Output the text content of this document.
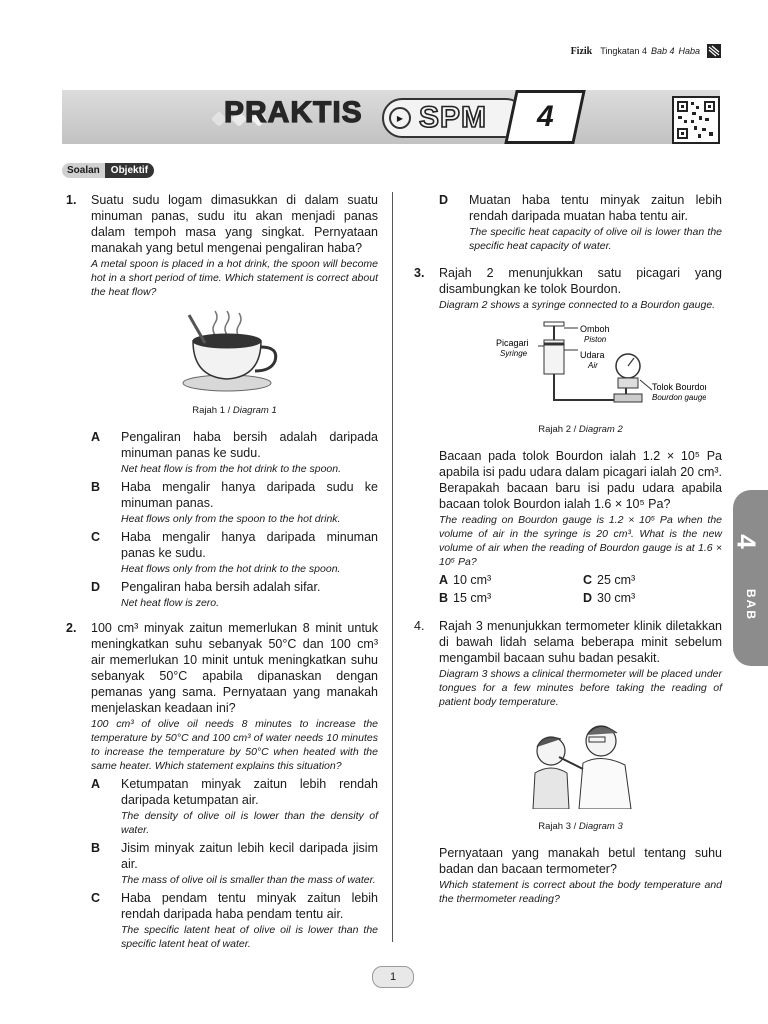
Fizik Tingkatan 4 Bab 4 Haba
PRAKTIS	▶ SPM 4
Soalan	Objektif
1.	Suatu sudu logam dimasukkan di dalam suatu minuman panas, sudu itu akan menjadi panas dalam tempoh masa yang singkat. Pernyataan manakah yang betul mengenai pengaliran haba?
A metal spoon is placed in a hot drink, the spoon will become hot in a short period of time. Which statement is correct about the heat flow?
Rajah 1 / Diagram 1
A	Pengaliran haba bersih adalah daripada minuman panas ke sudu.
Net heat flow is from the hot drink to the spoon.
B	Haba mengalir hanya daripada sudu ke minuman panas.
Heat flows only from the spoon to the hot drink.
C	Haba mengalir hanya daripada minuman panas ke sudu.
Heat flows only from the hot drink to the spoon.
D	Pengaliran haba bersih adalah sifar.
Net heat flow is zero.
2.	100 cm³ minyak zaitun memerlukan 8 minit untuk meningkatkan suhu sebanyak 50°C dan 100 cm³ air memerlukan 10 minit untuk meningkatkan suhu sebanyak 50°C apabila dipanaskan dengan pemanas yang sama. Pernyataan yang manakah menjelaskan keadaan ini?
100 cm³ of olive oil needs 8 minutes to increase the temperature by 50°C and 100 cm³ of water needs 10 minutes to increase the temperature by 50°C when heated with the same heater. Which statement explains this situation?
A	Ketumpatan minyak zaitun lebih rendah daripada ketumpatan air.
The density of olive oil is lower than the density of water.
B	Jisim minyak zaitun lebih kecil daripada jisim air.
The mass of olive oil is smaller than the mass of water.
C	Haba pendam tentu minyak zaitun lebih rendah daripada haba pendam tentu air.
The specific latent heat of olive oil is lower than the specific latent heat of water.
D	Muatan haba tentu minyak zaitun lebih rendah daripada muatan haba tentu air.
The specific heat capacity of olive oil is lower than the specific heat capacity of water.
3.	Rajah 2 menunjukkan satu picagari yang disambungkan ke tolok Bourdon.
Diagram 2 shows a syringe connected to a Bourdon gauge.
Omboh
Piston
Picagari
Syringe	Udara
Air
Tolok Bourdon
Bourdon gauge
Rajah 2 / Diagram 2
Bacaan pada tolok Bourdon ialah 1.2 × 10⁵ Pa apabila isi padu udara dalam picagari ialah 20 cm³. Berapakah bacaan baru isi padu udara apabila bacaan tolok Bourdon ialah 1.6 × 10⁵ Pa?
The reading on Bourdon gauge is 1.2 × 10⁵ Pa when the volume of air in the syringe is 20 cm³. What is the new volume of air when the reading of Bourdon gauge is at 1.6 × 10⁵ Pa?
A 10 cm³	C 25 cm³
B 15 cm³	D 30 cm³
4.	Rajah 3 menunjukkan termometer klinik diletakkan di bawah lidah selama beberapa minit sebelum mengambil bacaan suhu badan pesakit.
Diagram 3 shows a clinical thermometer will be placed under tongues for a few minutes before taking the reading of patient body temperature.
Rajah 3 / Diagram 3
Pernyataan yang manakah betul tentang suhu badan dan bacaan termometer?
Which statement is correct about the body temperature and the thermometer reading?
4
BAB
1
